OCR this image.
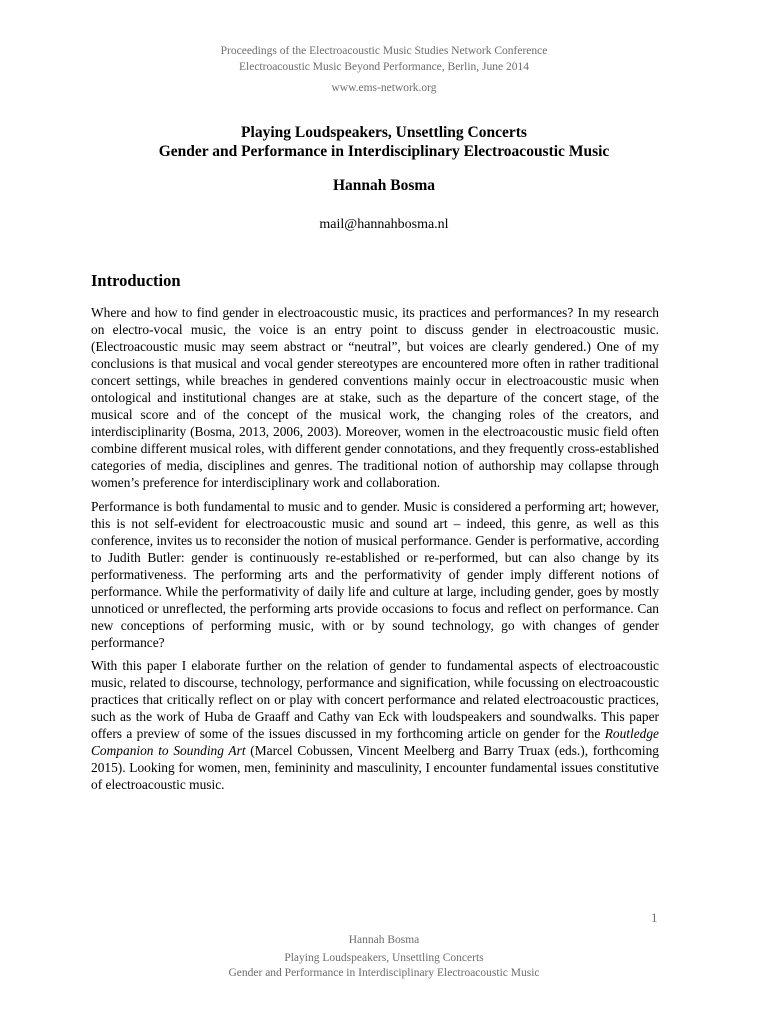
Proceedings of the Electroacoustic Music Studies Network Conference
Electroacoustic Music Beyond Performance, Berlin, June 2014
www.ems-network.org
Playing Loudspeakers, Unsettling Concerts
Gender and Performance in Interdisciplinary Electroacoustic Music
Hannah Bosma
mail@hannahbosma.nl
Introduction

Where and how to find gender in electroacoustic music, its practices and performances? In my research on electro-vocal music, the voice is an entry point to discuss gender in electroacoustic music. (Electroacoustic music may seem abstract or “neutral”, but voices are clearly gendered.) One of my conclusions is that musical and vocal gender stereotypes are encountered more often in rather traditional concert settings, while breaches in gendered conventions mainly occur in electroacoustic music when ontological and institutional changes are at stake, such as the departure of the concert stage, of the musical score and of the concept of the musical work, the changing roles of the creators, and interdisciplinarity (Bosma, 2013, 2006, 2003). Moreover, women in the electroacoustic music field often combine different musical roles, with different gender connotations, and they frequently cross-established categories of media, disciplines and genres. The traditional notion of authorship may collapse through women’s preference for interdisciplinary work and collaboration.

Performance is both fundamental to music and to gender. Music is considered a performing art; however, this is not self-evident for electroacoustic music and sound art – indeed, this genre, as well as this conference, invites us to reconsider the notion of musical performance. Gender is performative, according to Judith Butler: gender is continuously re-established or re-performed, but can also change by its performativeness. The performing arts and the performativity of gender imply different notions of performance. While the performativity of daily life and culture at large, including gender, goes by mostly unnoticed or unreflected, the performing arts provide occasions to focus and reflect on performance. Can new conceptions of performing music, with or by sound technology, go with changes of gender performance?

With this paper I elaborate further on the relation of gender to fundamental aspects of electroacoustic music, related to discourse, technology, performance and signification, while focussing on electroacoustic practices that critically reflect on or play with concert performance and related electroacoustic practices, such as the work of Huba de Graaff and Cathy van Eck with loudspeakers and soundwalks. This paper offers a preview of some of the issues discussed in my forthcoming article on gender for the Routledge Companion to Sounding Art (Marcel Cobussen, Vincent Meelberg and Barry Truax (eds.), forthcoming 2015). Looking for women, men, femininity and masculinity, I encounter fundamental issues constitutive of electroacoustic music.

1
Hannah Bosma
Playing Loudspeakers, Unsettling Concerts
Gender and Performance in Interdisciplinary Electroacoustic Music
